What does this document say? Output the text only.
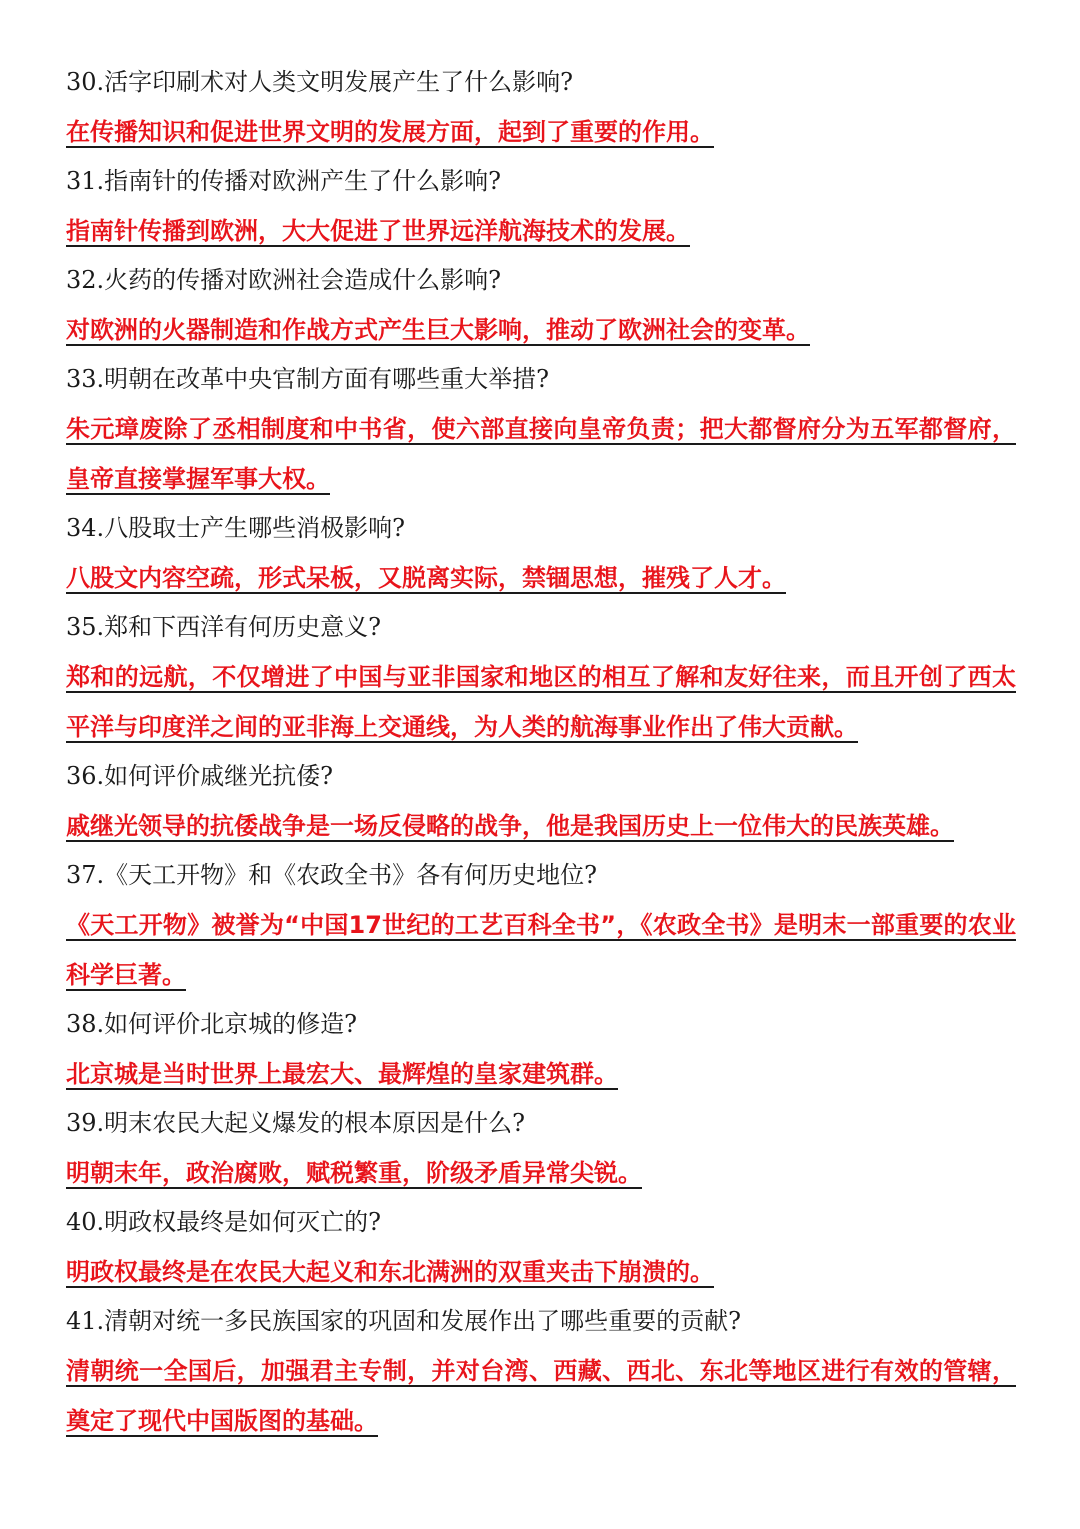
30.活字印刷术对人类文明发展产生了什么影响?

在传播知识和促进世界文明的发展方面，起到了重要的作用。

31.指南针的传播对欧洲产生了什么影响?

指南针传播到欧洲，大大促进了世界远洋航海技术的发展。

32.火药的传播对欧洲社会造成什么影响?

对欧洲的火器制造和作战方式产生巨大影响，推动了欧洲社会的变革。

33.明朝在改革中央官制方面有哪些重大举措?

朱元璋废除了丞相制度和中书省，使六部直接向皇帝负责；把大都督府分为五军都督府，皇帝直接掌握军事大权。

34.八股取士产生哪些消极影响?

八股文内容空疏，形式呆板，又脱离实际，禁锢思想，摧残了人才。

35.郑和下西洋有何历史意义?

郑和的远航，不仅增进了中国与亚非国家和地区的相互了解和友好往来，而且开创了西太平洋与印度洋之间的亚非海上交通线，为人类的航海事业作出了伟大贡献。

36.如何评价戚继光抗倭?

戚继光领导的抗倭战争是一场反侵略的战争，他是我国历史上一位伟大的民族英雄。

37.《天工开物》和《农政全书》各有何历史地位?

《天工开物》被誉为“中国17世纪的工艺百科全书”，《农政全书》是明末一部重要的农业科学巨著。

38.如何评价北京城的修造?

北京城是当时世界上最宏大、最辉煌的皇家建筑群。

39.明末农民大起义爆发的根本原因是什么?

明朝末年，政治腐败，赋税繁重，阶级矛盾异常尖锐。

40.明政权最终是如何灭亡的?

明政权最终是在农民大起义和东北满洲的双重夹击下崩溃的。

41.清朝对统一多民族国家的巩固和发展作出了哪些重要的贡献?

清朝统一全国后，加强君主专制，并对台湾、西藏、西北、东北等地区进行有效的管辖，奠定了现代中国版图的基础。
